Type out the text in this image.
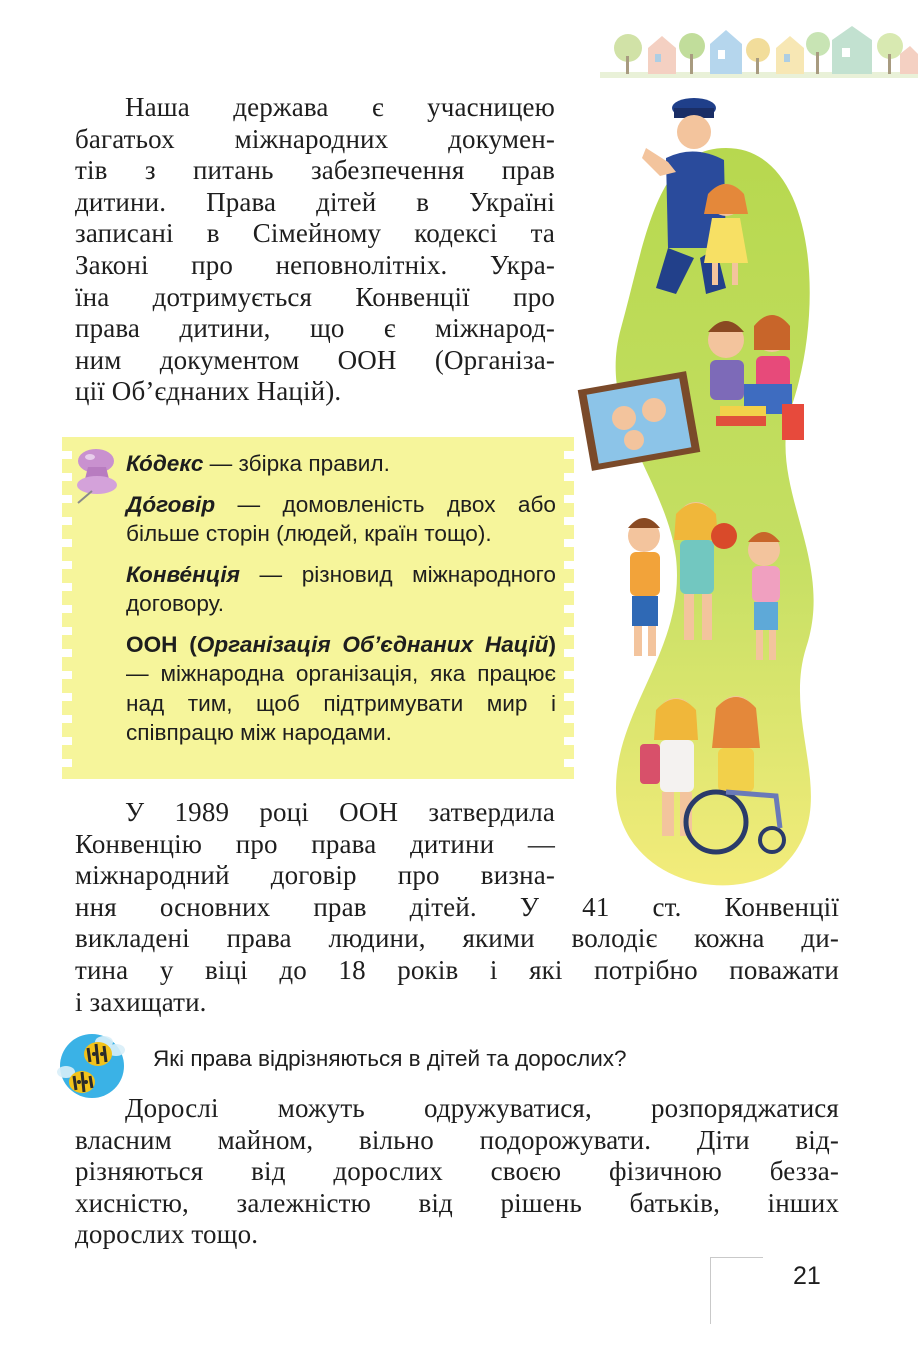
Наша держава є учасницею
багатьох міжнародних докумен-
тів з питань забезпечення прав
дитини. Права дітей в Україні
записані в Сімейному кодексі та
Законі про неповнолітніх. Укра-
їна дотримується Конвенції про
права дитини, що є міжнарод-
ним документом ООН (Організа-
ції Об’єднаних Націй).

Ко́декс — збірка правил.

До́говір — домовленість двох або більше сторін (людей, країн тощо).

Конве́нція — різновид міжнародного договору.

ООН (Організація Об’єднаних Націй) — міжнародна організація, яка працює над тим, щоб підтримувати мир і співпрацю між народами.

У 1989 році ООН затвердила
Конвенцію про права дитини —
міжнародний договір про визна-
ння основних прав дітей. У 41 ст. Конвенції
викладені права людини, якими володіє кожна ди-
тина у віці до 18 років і які потрібно поважати
і захищати.
Які права відрізняються в дітей та дорослих?
Дорослі можуть одружуватися, розпоряджатися
власним майном, вільно подорожувати. Діти від-
різняються від дорослих своєю фізичною безза-
хисністю, залежністю від рішень батьків, інших
дорослих тощо.
21
